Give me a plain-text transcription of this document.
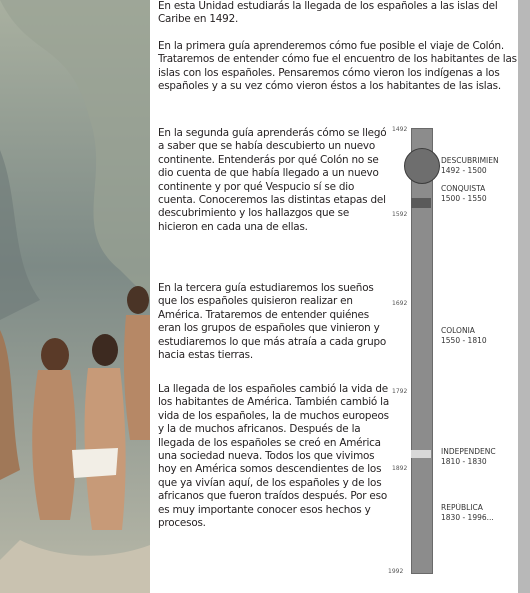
En esta Unidad estudiarás la llegada de los españoles a las islas del Caribe en 1492.

En la primera guía aprenderemos cómo fue posible el viaje de Colón. Trataremos de entender cómo fue el encuentro de los habitantes de las islas con los españoles. Pensaremos cómo vieron los indígenas a los españoles y a su vez cómo vieron éstos a los habitantes de las islas.

En la segunda guía aprenderás cómo se llegó a saber que se había descubierto un nuevo continente. Entenderás por qué Colón no se dio cuenta de que había llegado a un nuevo continente y por qué Vespucio sí se dio cuenta. Conoceremos las distintas etapas del descubrimiento y los hallazgos que se hicieron en cada una de ellas.

En la tercera guía estudiaremos los sueños que los españoles quisieron realizar en América. Trataremos de entender quiénes eran los grupos de españoles que vinieron y estudiaremos lo que más atraía a cada grupo hacia estas tierras.

La llegada de los españoles cambió la vida de los habitantes de América. También cambió la vida de los españoles, la de muchos europeos y la de muchos africanos. Después de la llegada de los españoles se creó en América una sociedad nueva. Todos los que vivimos hoy en América somos descendientes de los que ya vivían aquí, de los españoles y de los africanos que fueron traídos después. Por eso es muy importante conocer esos hechos y procesos.

1492
1592
1692
1792
1892
1992
DESCUBRIMIEN
1492 - 1500
CONQUISTA
1500 - 1550
COLONIA
1550 - 1810
INDEPENDENC
1810 - 1830
REPÚBLICA
1830 - 1996...
